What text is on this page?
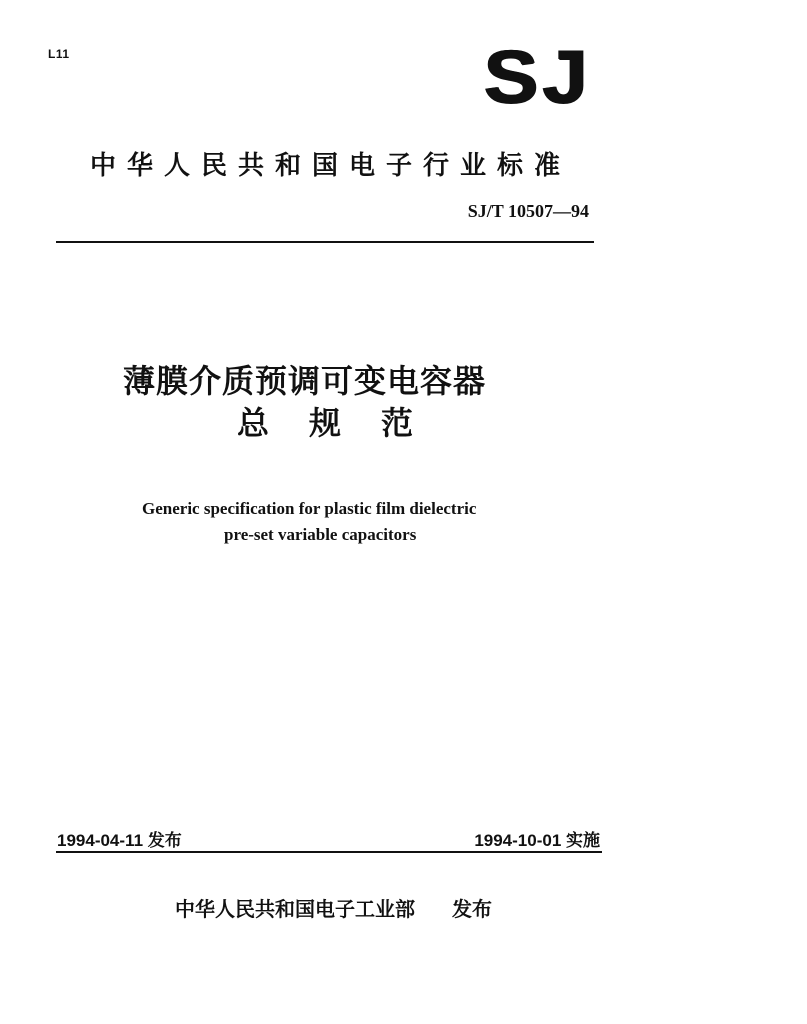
L11	SJ
中华人民共和国电子行业标准
SJ/T 10507—94
薄膜介质预调可变电容器
总规范
Generic specification for plastic film dielectric
pre-set variable capacitors
1994-04-11 发布	1994-10-01 实施
中华人民共和国电子工业部 发布
